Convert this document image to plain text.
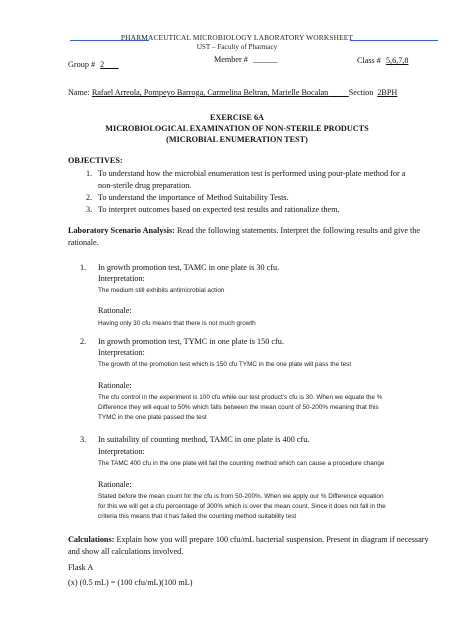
PHARMACEUTICAL MICROBIOLOGY LABORATORY WORKSHEET
UST – Faculty of Pharmacy
Group # 2
Member # ______	Class # 5,6,7,8
Name: Rafael Arreola, Pompeyo Barroga, Carmelina Beltran, Marielle Bocalan Section 2BPH
EXERCISE 6A
MICROBIOLOGICAL EXAMINATION OF NON-STERILE PRODUCTS
(MICROBIAL ENUMERATION TEST)
OBJECTIVES:
1. To understand how the microbial enumeration test is performed using pour-plate method for a
non-sterile drug preparation.
2. To understand the importance of Method Suitability Tests.
3. To interpret outcomes based on expected test results and rationalize them.
Laboratory Scenario Analysis: Read the following statements. Interpret the following results and give the
rationale.
1. In growth promotion test, TAMC in one plate is 30 cfu.
Interpretation:
The medium still exhibits antimicrobial action
Rationale:
Having only 30 cfu means that there is not much growth
2. In growth promotion test, TYMC in one plate is 150 cfu.
Interpretation:
The growth of the promotion test which is 150 cfu TYMC in the one plate will pass the test
Rationale:
The cfu control in the experiment is 100 cfu while our test product’s cfu is 30. When we equate the %
Difference they will equal to 50% which falls between the mean count of 50-200% meaning that this
TYMC in the one plate passed the test
3. In suitability of counting method, TAMC in one plate is 400 cfu.
Interpretation:
The TAMC 400 cfu in the one plate will fail the counting method which can cause a procedure change
Rationale:
Stated before the mean count for the cfu is from 50-200%. When we apply our % Difference equation
for this we will get a cfu percentage of 300% which is over the mean count. Since it does not fall in the
criteria this means that it has failed the counting method suitability test
Calculations: Explain how you will prepare 100 cfu/mL bacterial suspension. Present in diagram if necessary
and show all calculations involved.
Flask A
(x) (0.5 mL) = (100 cfu/mL)(100 mL)
